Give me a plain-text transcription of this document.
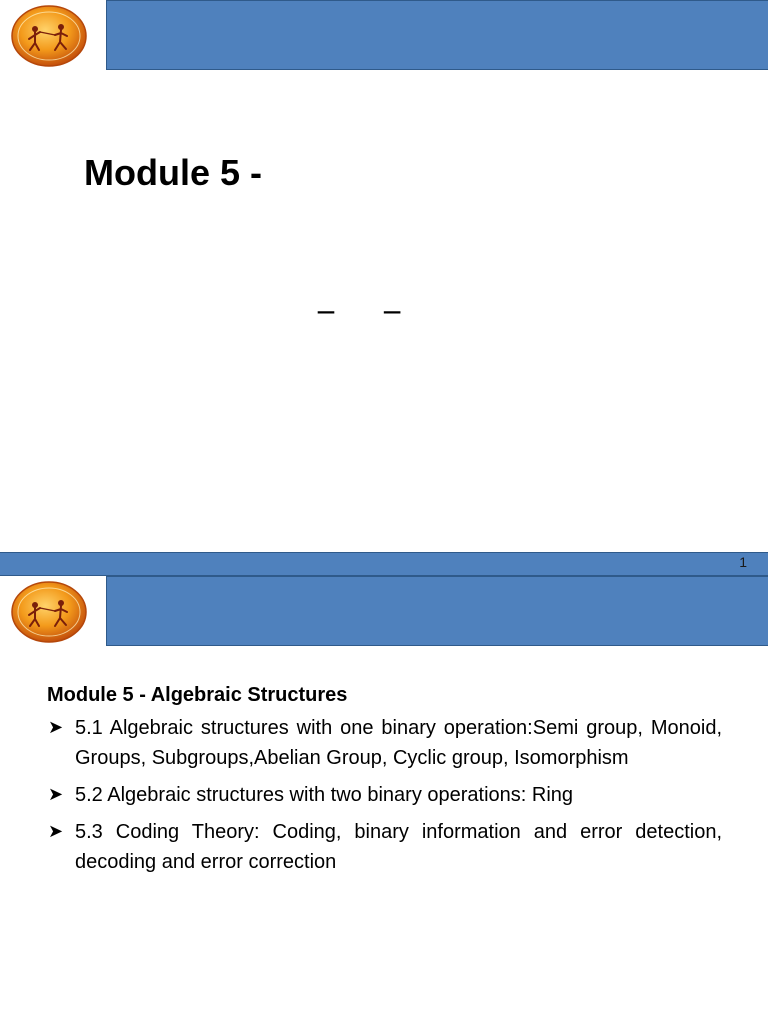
Module 5 -
_ _
1
Module 5 - Algebraic Structures
➤ 5.1 Algebraic structures with one binary operation:Semi group, Monoid, Groups, Subgroups,Abelian Group, Cyclic group, Isomorphism
➤ 5.2 Algebraic structures with two binary operations: Ring
➤ 5.3 Coding Theory: Coding, binary information and error detection, decoding and error correction
